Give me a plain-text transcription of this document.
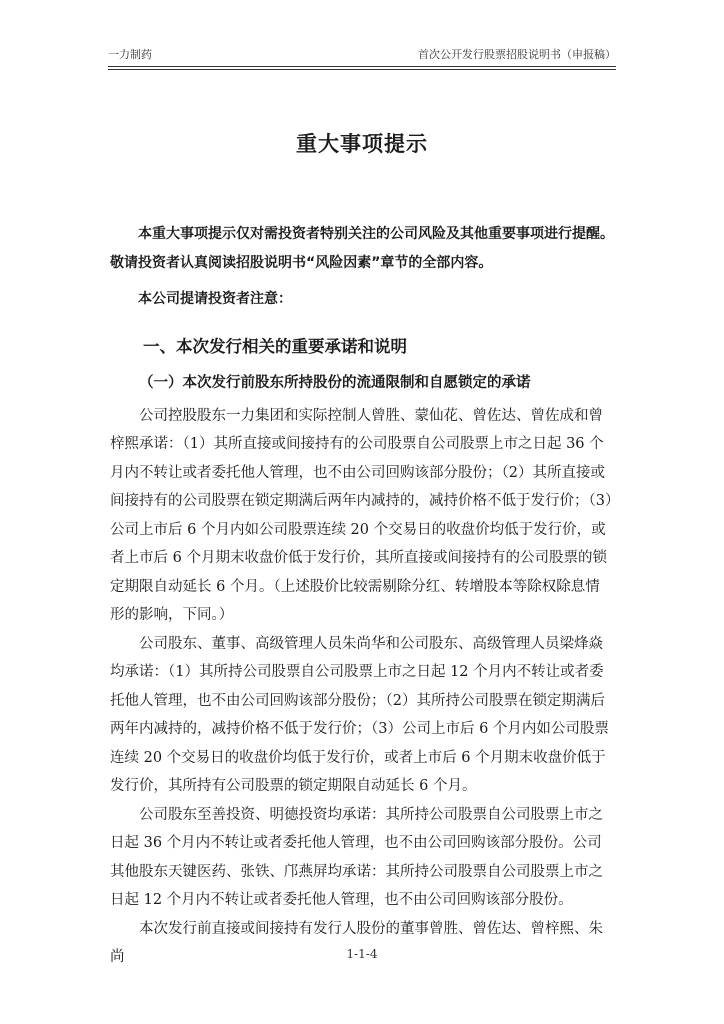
一力制药	首次公开发行股票招股说明书（申报稿）
重大事项提示

本重大事项提示仅对需投资者特别关注的公司风险及其他重要事项进行提醒。敬请投资者认真阅读招股说明书“风险因素”章节的全部内容。

本公司提请投资者注意：

一、本次发行相关的重要承诺和说明
（一）本次发行前股东所持股份的流通限制和自愿锁定的承诺

公司控股股东一力集团和实际控制人曾胜、蒙仙花、曾佐达、曾佐成和曾梓熙承诺：（1）其所直接或间接持有的公司股票自公司股票上市之日起 36 个月内不转让或者委托他人管理，也不由公司回购该部分股份；（2）其所直接或间接持有的公司股票在锁定期满后两年内减持的，减持价格不低于发行价；（3）公司上市后 6 个月内如公司股票连续 20 个交易日的收盘价均低于发行价，或者上市后 6 个月期末收盘价低于发行价，其所直接或间接持有的公司股票的锁定期限自动延长 6 个月。（上述股价比较需剔除分红、转增股本等除权除息情形的影响，下同。）

公司股东、董事、高级管理人员朱尚华和公司股东、高级管理人员梁烽焱均承诺：（1）其所持公司股票自公司股票上市之日起 12 个月内不转让或者委托他人管理，也不由公司回购该部分股份；（2）其所持公司股票在锁定期满后两年内减持的，减持价格不低于发行价；（3）公司上市后 6 个月内如公司股票连续 20 个交易日的收盘价均低于发行价，或者上市后 6 个月期末收盘价低于发行价，其所持有公司股票的锁定期限自动延长 6 个月。

公司股东至善投资、明德投资均承诺：其所持公司股票自公司股票上市之日起 36 个月内不转让或者委托他人管理，也不由公司回购该部分股份。公司其他股东天键医药、张铁、邝燕屏均承诺：其所持公司股票自公司股票上市之日起 12 个月内不转让或者委托他人管理，也不由公司回购该部分股份。

本次发行前直接或间接持有发行人股份的董事曾胜、曾佐达、曾梓熙、朱尚	1-1-4
